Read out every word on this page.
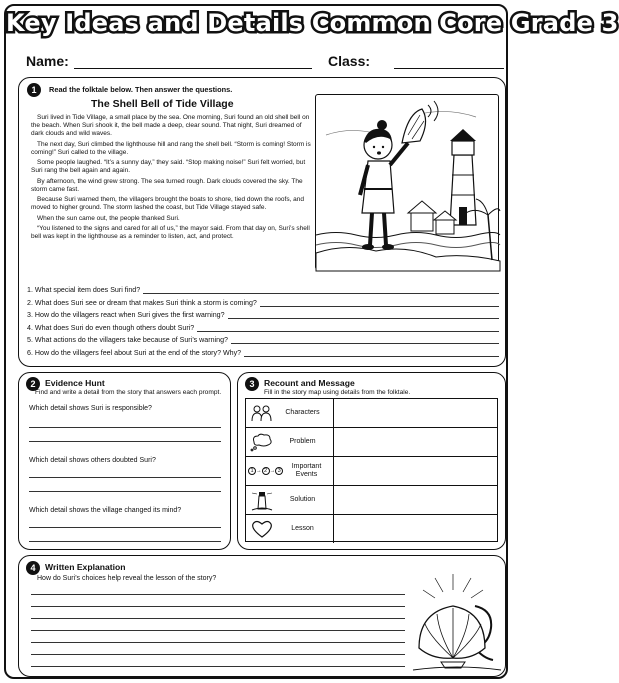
Key Ideas and Details Common Core Grade 3
Name:	Class:
1	Read the folktale below. Then answer the questions.
The Shell Bell of Tide Village

Suri lived in Tide Village, a small place by the sea. One morning, Suri found an old shell bell on the beach. When Suri shook it, the bell made a deep, clear sound. That night, Suri dreamed of dark clouds and wild waves.

The next day, Suri climbed the lighthouse hill and rang the shell bell. “Storm is coming! Storm is coming!” Suri called to the village.

Some people laughed. “It’s a sunny day,” they said. “Stop making noise!” Suri felt worried, but Suri rang the bell again and again.

By afternoon, the wind grew strong. The sea turned rough. Dark clouds covered the sky. The storm came fast.

Because Suri warned them, the villagers brought the boats to shore, tied down the roofs, and moved to higher ground. The storm lashed the coast, but Tide Village stayed safe.

When the sun came out, the people thanked Suri.

“You listened to the signs and cared for all of us,” the mayor said. From that day on, Suri’s shell bell was kept in the lighthouse as a reminder to listen, act, and protect.

1. What special item does Suri find?
2. What does Suri see or dream that makes Suri think a storm is coming?
3. How do the villagers react when Suri gives the first warning?
4. What does Suri do even though others doubt Suri?
5. What actions do the villagers take because of Suri’s warning?
6. How do the villagers feel about Suri at the end of the story? Why?
2	Evidence Hunt
Find and write a detail from the story that answers each prompt.
Which detail shows Suri is responsible?
Which detail shows others doubted Suri?
Which detail shows the village changed its mind?
3	Recount and Message
Fill in the story map using details from the folktale.
Characters
Problem
1 → 2 → 3
Important Events
Solution
Lesson
4	Written Explanation
How do Suri’s choices help reveal the lesson of the story?
